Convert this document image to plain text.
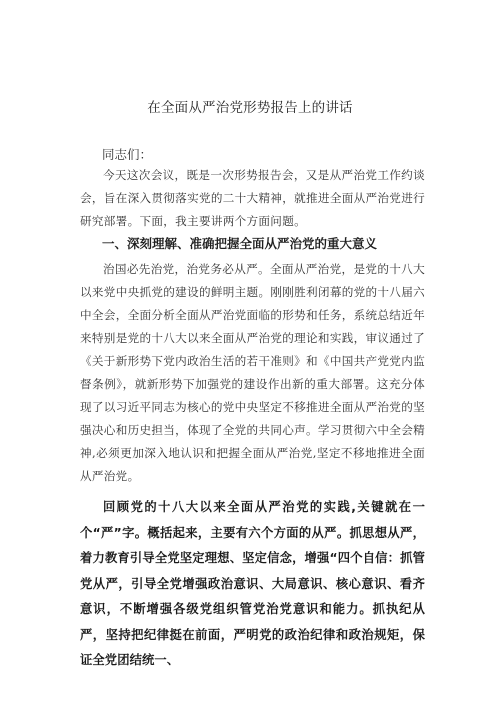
在全面从严治党形势报告上的讲话
同志们：
今天这次会议，既是一次形势报告会，又是从严治党工作约谈会，旨在深入贯彻落实党的二十大精神，就推进全面从严治党进行研究部署。下面，我主要讲两个方面问题。
一、深刻理解、准确把握全面从严治党的重大意义
治国必先治党，治党务必从严。全面从严治党，是党的十八大以来党中央抓党的建设的鲜明主题。刚刚胜利闭幕的党的十八届六中全会，全面分析全面从严治党面临的形势和任务，系统总结近年来特别是党的十八大以来全面从严治党的理论和实践，审议通过了《关于新形势下党内政治生活的若干准则》和《中国共产党党内监督条例》，就新形势下加强党的建设作出新的重大部署。这充分体现了以习近平同志为核心的党中央坚定不移推进全面从严治党的坚强决心和历史担当，体现了全党的共同心声。学习贯彻六中全会精神,必须更加深入地认识和把握全面从严治党,坚定不移地推进全面从严治党。
回顾党的十八大以来全面从严治党的实践,关键就在一个“严”字。概括起来，主要有六个方面的从严。抓思想从严，着力教育引导全党坚定理想、坚定信念，增强“四个自信：抓管党从严，引导全党增强政治意识、大局意识、核心意识、看齐意识，不断增强各级党组织管党治党意识和能力。抓执纪从严，坚持把纪律挺在前面，严明党的政治纪律和政治规矩，保证全党团结统一、
